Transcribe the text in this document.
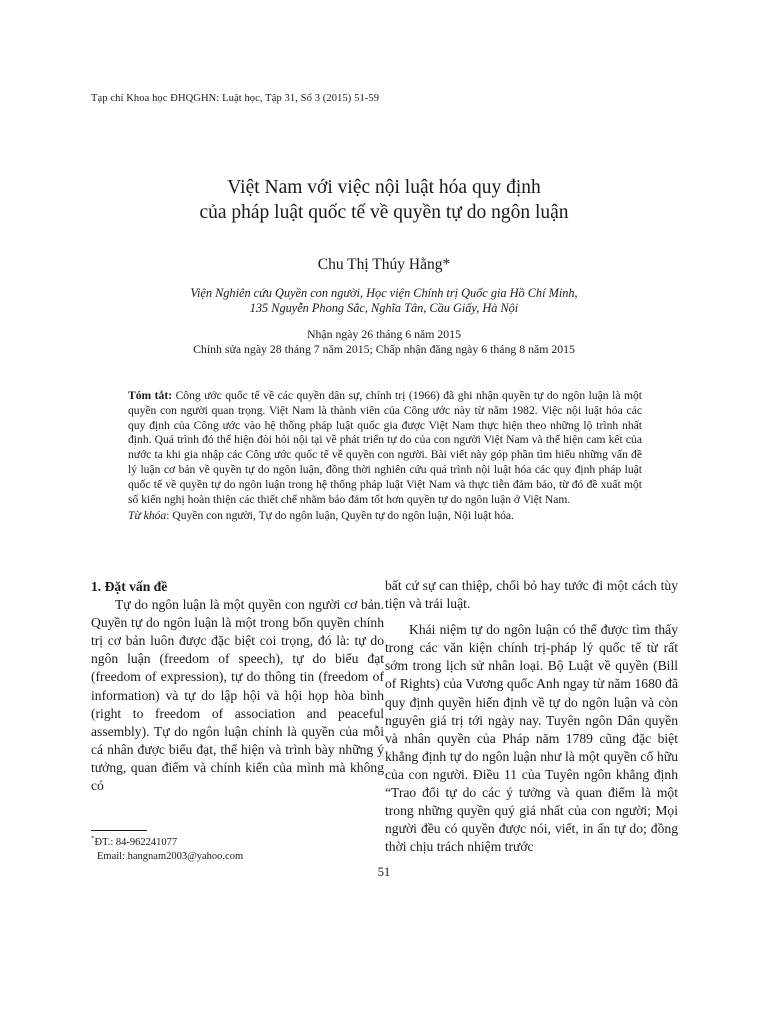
Tạp chí Khoa học ĐHQGHN: Luật học, Tập 31, Số 3 (2015) 51-59
Việt Nam với việc nội luật hóa quy định
của pháp luật quốc tế về quyền tự do ngôn luận
Chu Thị Thúy Hằng*
Viện Nghiên cứu Quyền con người, Học viện Chính trị Quốc gia Hồ Chí Minh,
135 Nguyễn Phong Sắc, Nghĩa Tân, Cầu Giấy, Hà Nội
Nhận ngày 26 tháng 6 năm 2015
Chỉnh sửa ngày 28 tháng 7 năm 2015; Chấp nhận đăng ngày 6 tháng 8 năm 2015

Tóm tắt: Công ước quốc tế về các quyền dân sự, chính trị (1966) đã ghi nhận quyền tự do ngôn luận là một quyền con người quan trọng. Việt Nam là thành viên của Công ước này từ năm 1982. Việc nội luật hóa các quy định của Công ước vào hệ thống pháp luật quốc gia được Việt Nam thực hiện theo những lộ trình nhất định. Quá trình đó thể hiện đòi hỏi nội tại về phát triển tự do của con người Việt Nam và thể hiện cam kết của nước ta khi gia nhập các Công ước quốc tế về quyền con người. Bài viết này góp phần tìm hiểu những vấn đề lý luận cơ bản về quyền tự do ngôn luận, đồng thời nghiên cứu quá trình nội luật hóa các quy định pháp luật quốc tế về quyền tự do ngôn luận trong hệ thống pháp luật Việt Nam và thực tiễn đảm bảo, từ đó đề xuất một số kiến nghị hoàn thiện các thiết chế nhằm bảo đảm tốt hơn quyền tự do ngôn luận ở Việt Nam.

Từ khóa: Quyền con người, Tự do ngôn luận, Quyền tự do ngôn luận, Nội luật hóa.

1. Đặt vấn đề

Tự do ngôn luận là một quyền con người cơ bản. Quyền tự do ngôn luận là một trong bốn quyền chính trị cơ bản luôn được đặc biệt coi trọng, đó là: tự do ngôn luận (freedom of speech), tự do biểu đạt (freedom of expression), tự do thông tin (freedom of information) và tự do lập hội và hội họp hòa bình (right to freedom of association and peaceful assembly). Tự do ngôn luận chính là quyền của mỗi cá nhân được biểu đạt, thể hiện và trình bày những ý tưởng, quan điểm và chính kiến của mình mà không có

bất cứ sự can thiệp, chối bỏ hay tước đi một cách tùy tiện và trái luật.

Khái niệm tự do ngôn luận có thể được tìm thấy trong các văn kiện chính trị-pháp lý quốc tế từ rất sớm trong lịch sử nhân loại. Bộ Luật về quyền (Bill of Rights) của Vương quốc Anh ngay từ năm 1680 đã quy định quyền hiến định về tự do ngôn luận và còn nguyên giá trị tới ngày nay. Tuyên ngôn Dân quyền và nhân quyền của Pháp năm 1789 cũng đặc biệt khẳng định tự do ngôn luận như là một quyền cố hữu của con người. Điều 11 của Tuyên ngôn khẳng định “Trao đổi tự do các ý tưởng và quan điểm là một trong những quyền quý giá nhất của con người; Mọi người đều có quyền được nói, viết, in ấn tự do; đồng thời chịu trách nhiệm trước

*ĐT.: 84-962241077
Email: hangnam2003@yahoo.com
51
